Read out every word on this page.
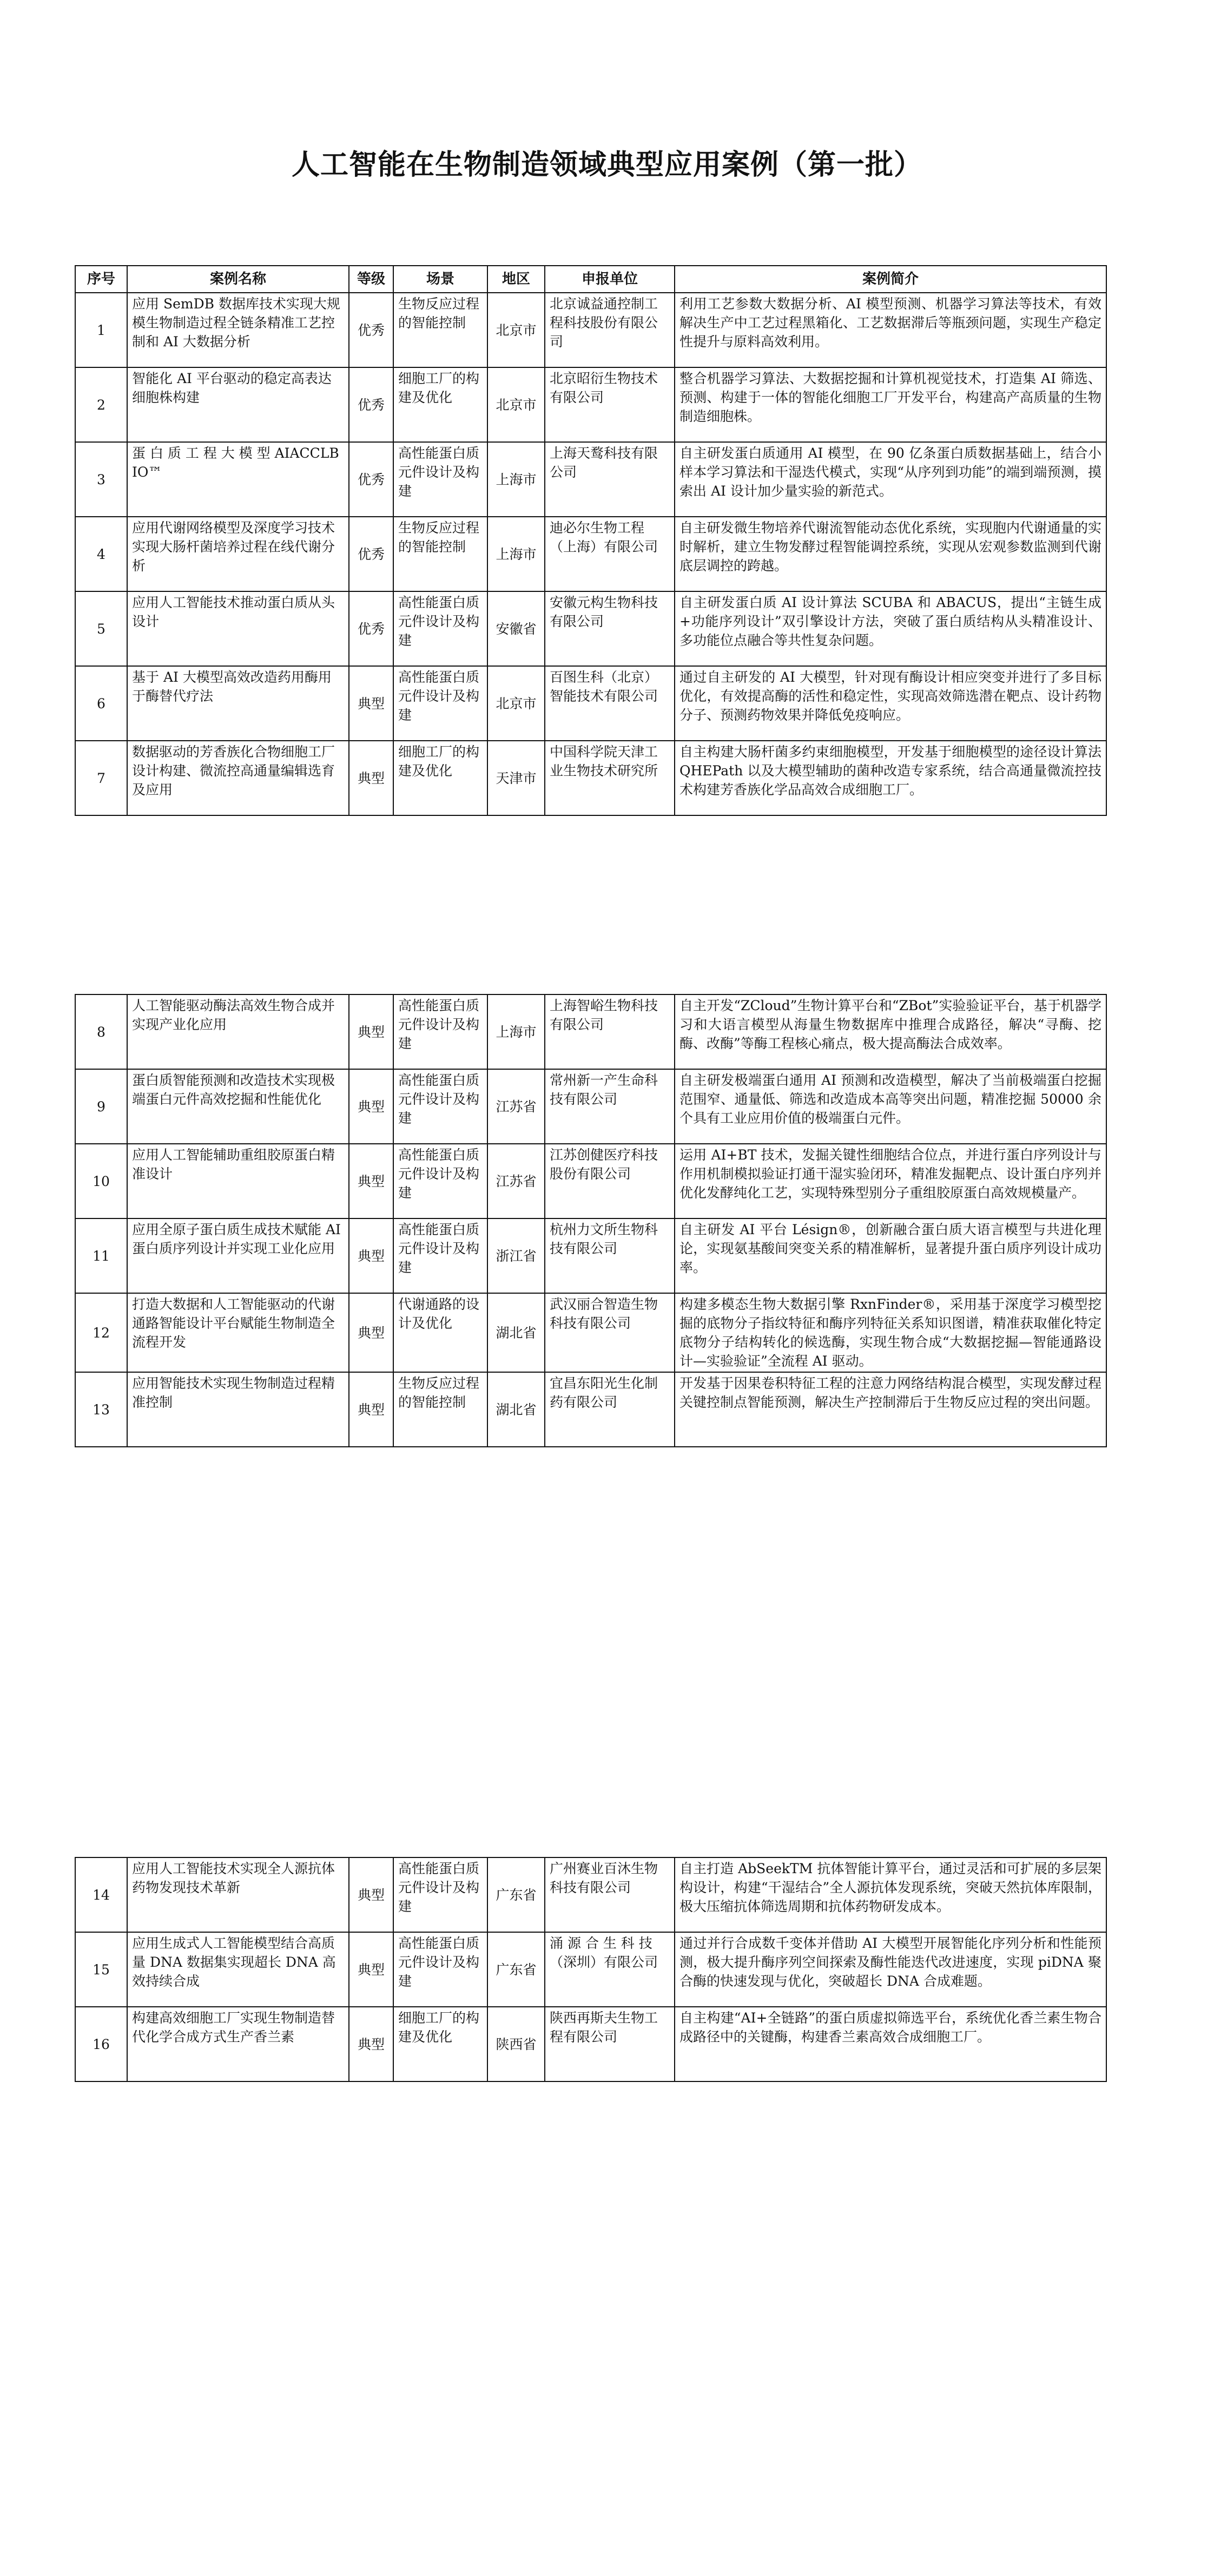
人工智能在生物制造领域典型应用案例（第一批）
序号	案例名称	等级	场景	地区	申报单位	案例简介
1	应用 SemDB 数据库技术实现大规模生物制造过程全链条精准工艺控制和 AI 大数据分析	优秀	生物反应过程的智能控制	北京市	北京诚益通控制工程科技股份有限公司	利用工艺参数大数据分析、AI 模型预测、机器学习算法等技术，有效解决生产中工艺过程黑箱化、工艺数据滞后等瓶颈问题，实现生产稳定性提升与原料高效利用。
2	智能化 AI 平台驱动的稳定高表达细胞株构建	优秀	细胞工厂的构建及优化	北京市	北京昭衍生物技术有限公司	整合机器学习算法、大数据挖掘和计算机视觉技术，打造集 AI 筛选、预测、构建于一体的智能化细胞工厂开发平台，构建高产高质量的生物制造细胞株。
3	蛋 白 质 工 程 大 模 型 AIACCLBIO™	优秀	高性能蛋白质元件设计及构建	上海市	上海天鹜科技有限公司	自主研发蛋白质通用 AI 模型，在 90 亿条蛋白质数据基础上，结合小样本学习算法和干湿迭代模式，实现“从序列到功能”的端到端预测，摸索出 AI 设计加少量实验的新范式。
4	应用代谢网络模型及深度学习技术实现大肠杆菌培养过程在线代谢分析	优秀	生物反应过程的智能控制	上海市	迪必尔生物工程（上海）有限公司	自主研发微生物培养代谢流智能动态优化系统，实现胞内代谢通量的实时解析，建立生物发酵过程智能调控系统，实现从宏观参数监测到代谢底层调控的跨越。
5	应用人工智能技术推动蛋白质从头设计	优秀	高性能蛋白质元件设计及构建	安徽省	安徽元构生物科技有限公司	自主研发蛋白质 AI 设计算法 SCUBA 和 ABACUS，提出“主链生成+功能序列设计”双引擎设计方法，突破了蛋白质结构从头精准设计、多功能位点融合等共性复杂问题。
6	基于 AI 大模型高效改造药用酶用于酶替代疗法	典型	高性能蛋白质元件设计及构建	北京市	百图生科（北京）智能技术有限公司	通过自主研发的 AI 大模型，针对现有酶设计相应突变并进行了多目标优化，有效提高酶的活性和稳定性，实现高效筛选潜在靶点、设计药物分子、预测药物效果并降低免疫响应。
7	数据驱动的芳香族化合物细胞工厂设计构建、微流控高通量编辑选育及应用	典型	细胞工厂的构建及优化	天津市	中国科学院天津工业生物技术研究所	自主构建大肠杆菌多约束细胞模型，开发基于细胞模型的途径设计算法 QHEPath 以及大模型辅助的菌种改造专家系统，结合高通量微流控技术构建芳香族化学品高效合成细胞工厂。
8	人工智能驱动酶法高效生物合成并实现产业化应用	典型	高性能蛋白质元件设计及构建	上海市	上海智峪生物科技有限公司	自主开发“ZCloud”生物计算平台和“ZBot”实验验证平台，基于机器学习和大语言模型从海量生物数据库中推理合成路径，解决“寻酶、挖酶、改酶”等酶工程核心痛点，极大提高酶法合成效率。
9	蛋白质智能预测和改造技术实现极端蛋白元件高效挖掘和性能优化	典型	高性能蛋白质元件设计及构建	江苏省	常州新一产生命科技有限公司	自主研发极端蛋白通用 AI 预测和改造模型，解决了当前极端蛋白挖掘范围窄、通量低、筛选和改造成本高等突出问题，精准挖掘 50000 余个具有工业应用价值的极端蛋白元件。
10	应用人工智能辅助重组胶原蛋白精准设计	典型	高性能蛋白质元件设计及构建	江苏省	江苏创健医疗科技股份有限公司	运用 AI+BT 技术，发掘关键性细胞结合位点，并进行蛋白序列设计与作用机制模拟验证打通干湿实验闭环，精准发掘靶点、设计蛋白序列并优化发酵纯化工艺，实现特殊型别分子重组胶原蛋白高效规模量产。
11	应用全原子蛋白质生成技术赋能 AI 蛋白质序列设计并实现工业化应用	典型	高性能蛋白质元件设计及构建	浙江省	杭州力文所生物科技有限公司	自主研发 AI 平台 Lésign®，创新融合蛋白质大语言模型与共进化理论，实现氨基酸间突变关系的精准解析，显著提升蛋白质序列设计成功率。
12	打造大数据和人工智能驱动的代谢通路智能设计平台赋能生物制造全流程开发	典型	代谢通路的设计及优化	湖北省	武汉丽合智造生物科技有限公司	构建多模态生物大数据引擎 RxnFinder®，采用基于深度学习模型挖掘的底物分子指纹特征和酶序列特征关系知识图谱，精准获取催化特定底物分子结构转化的候选酶，实现生物合成“大数据挖掘—智能通路设计—实验验证”全流程 AI 驱动。
13	应用智能技术实现生物制造过程精准控制	典型	生物反应过程的智能控制	湖北省	宜昌东阳光生化制药有限公司	开发基于因果卷积特征工程的注意力网络结构混合模型，实现发酵过程关键控制点智能预测，解决生产控制滞后于生物反应过程的突出问题。
14	应用人工智能技术实现全人源抗体药物发现技术革新	典型	高性能蛋白质元件设计及构建	广东省	广州赛业百沐生物科技有限公司	自主打造 AbSeekTM 抗体智能计算平台，通过灵活和可扩展的多层架构设计，构建“干湿结合”全人源抗体发现系统，突破天然抗体库限制，极大压缩抗体筛选周期和抗体药物研发成本。
15	应用生成式人工智能模型结合高质量 DNA 数据集实现超长 DNA 高效持续合成	典型	高性能蛋白质元件设计及构建	广东省	涌 源 合 生 科 技（深圳）有限公司	通过并行合成数千变体并借助 AI 大模型开展智能化序列分析和性能预测，极大提升酶序列空间探索及酶性能迭代改进速度，实现 piDNA 聚合酶的快速发现与优化，突破超长 DNA 合成难题。
16	构建高效细胞工厂实现生物制造替代化学合成方式生产香兰素	典型	细胞工厂的构建及优化	陕西省	陕西再斯夫生物工程有限公司	自主构建“AI+全链路”的蛋白质虚拟筛选平台，系统优化香兰素生物合成路径中的关键酶，构建香兰素高效合成细胞工厂。
